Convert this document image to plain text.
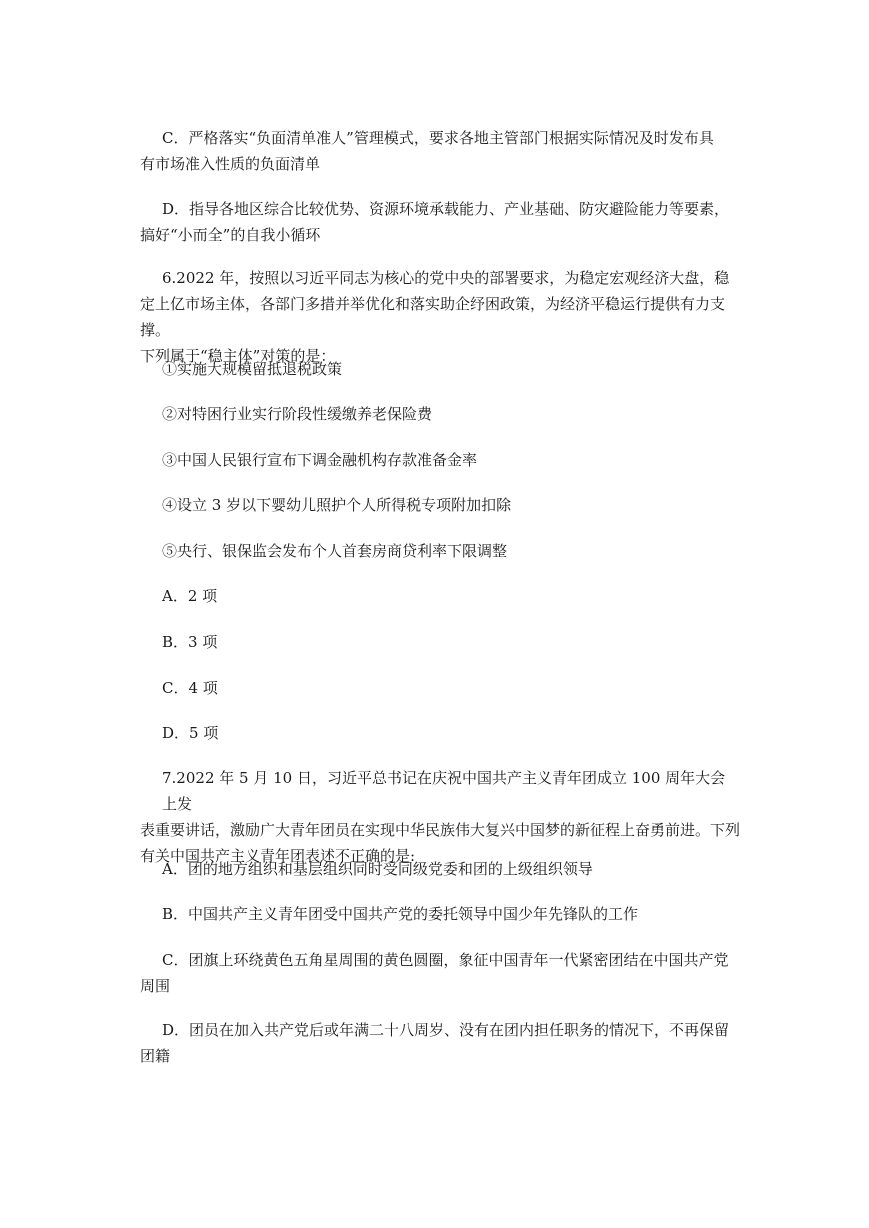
C．严格落实“负面清单准人”管理模式，要求各地主管部门根据实际情况及时发布具
有市场准入性质的负面清单
D．指导各地区综合比较优势、资源环境承载能力、产业基础、防灾避险能力等要素，
搞好“小而全”的自我小循环
6.2022 年，按照以习近平同志为核心的党中央的部署要求，为稳定宏观经济大盘，稳
定上亿市场主体，各部门多措并举优化和落实助企纾困政策，为经济平稳运行提供有力支撑。
下列属于“稳主体”对策的是：

①实施大规模留抵退税政策

②对特困行业实行阶段性缓缴养老保险费

③中国人民银行宣布下调金融机构存款准备金率

④设立 3 岁以下婴幼儿照护个人所得税专项附加扣除

⑤央行、银保监会发布个人首套房商贷利率下限调整

A．2 项

B．3 项

C．4 项

D．5 项

7.2022 年 5 月 10 日，习近平总书记在庆祝中国共产主义青年团成立 100 周年大会上发
表重要讲话，激励广大青年团员在实现中华民族伟大复兴中国梦的新征程上奋勇前进。下列
有关中国共产主义青年团表述不正确的是:

A．团的地方组织和基层组织同时受同级党委和团的上级组织领导

B．中国共产主义青年团受中国共产党的委托领导中国少年先锋队的工作

C．团旗上环绕黄色五角星周围的黄色圆圈，象征中国青年一代紧密团结在中国共产党
周围
D．团员在加入共产党后或年满二十八周岁、没有在团内担任职务的情况下，不再保留
团籍
